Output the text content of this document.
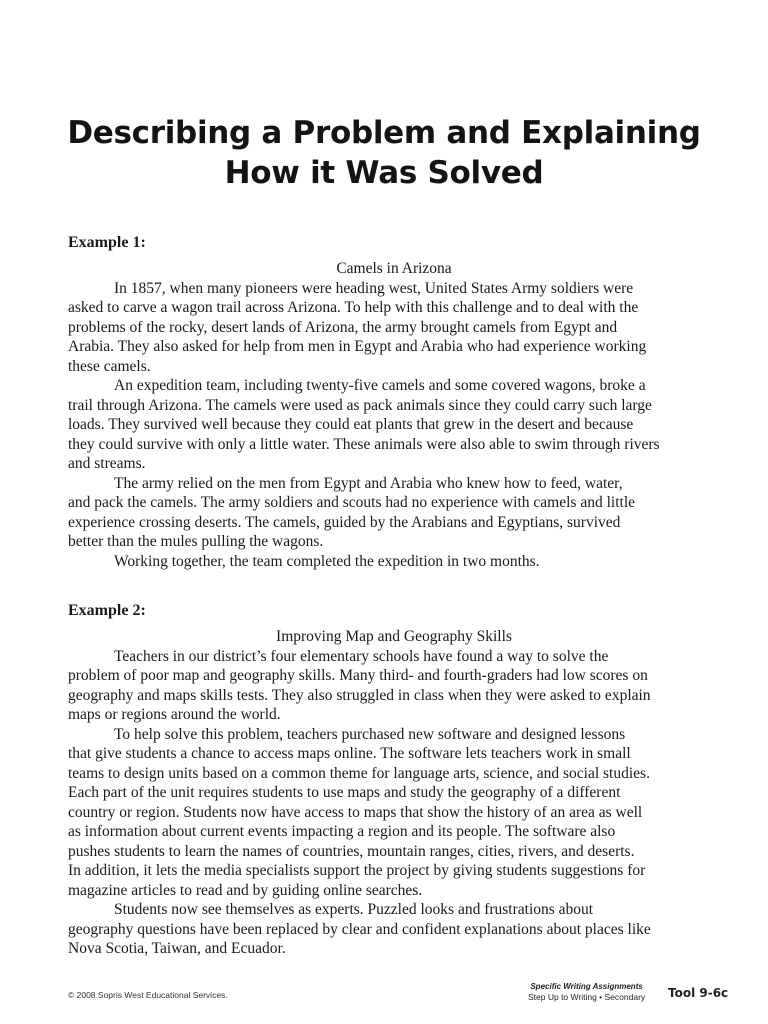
Describing a Problem and Explaining
How it Was Solved

Example 1:

Camels in Arizona

In 1857, when many pioneers were heading west, United States Army soldiers were
asked to carve a wagon trail across Arizona. To help with this challenge and to deal with the
problems of the rocky, desert lands of Arizona, the army brought camels from Egypt and
Arabia. They also asked for help from men in Egypt and Arabia who had experience working
these camels.
An expedition team, including twenty-five camels and some covered wagons, broke a
trail through Arizona. The camels were used as pack animals since they could carry such large
loads. They survived well because they could eat plants that grew in the desert and because
they could survive with only a little water. These animals were also able to swim through rivers
and streams.
The army relied on the men from Egypt and Arabia who knew how to feed, water,
and pack the camels. The army soldiers and scouts had no experience with camels and little
experience crossing deserts. The camels, guided by the Arabians and Egyptians, survived
better than the mules pulling the wagons.
Working together, the team completed the expedition in two months.

Example 2:

Improving Map and Geography Skills

Teachers in our district’s four elementary schools have found a way to solve the
problem of poor map and geography skills. Many third- and fourth-graders had low scores on
geography and maps skills tests. They also struggled in class when they were asked to explain
maps or regions around the world.
To help solve this problem, teachers purchased new software and designed lessons
that give students a chance to access maps online. The software lets teachers work in small
teams to design units based on a common theme for language arts, science, and social studies.
Each part of the unit requires students to use maps and study the geography of a different
country or region. Students now have access to maps that show the history of an area as well
as information about current events impacting a region and its people. The software also
pushes students to learn the names of countries, mountain ranges, cities, rivers, and deserts.
In addition, it lets the media specialists support the project by giving students suggestions for
magazine articles to read and by guiding online searches.
Students now see themselves as experts. Puzzled looks and frustrations about
geography questions have been replaced by clear and confident explanations about places like
Nova Scotia, Taiwan, and Ecuador.
© 2008 Sopris West Educational Services.
Specific Writing Assignments
Step Up to Writing • Secondary Tool 9-6c
